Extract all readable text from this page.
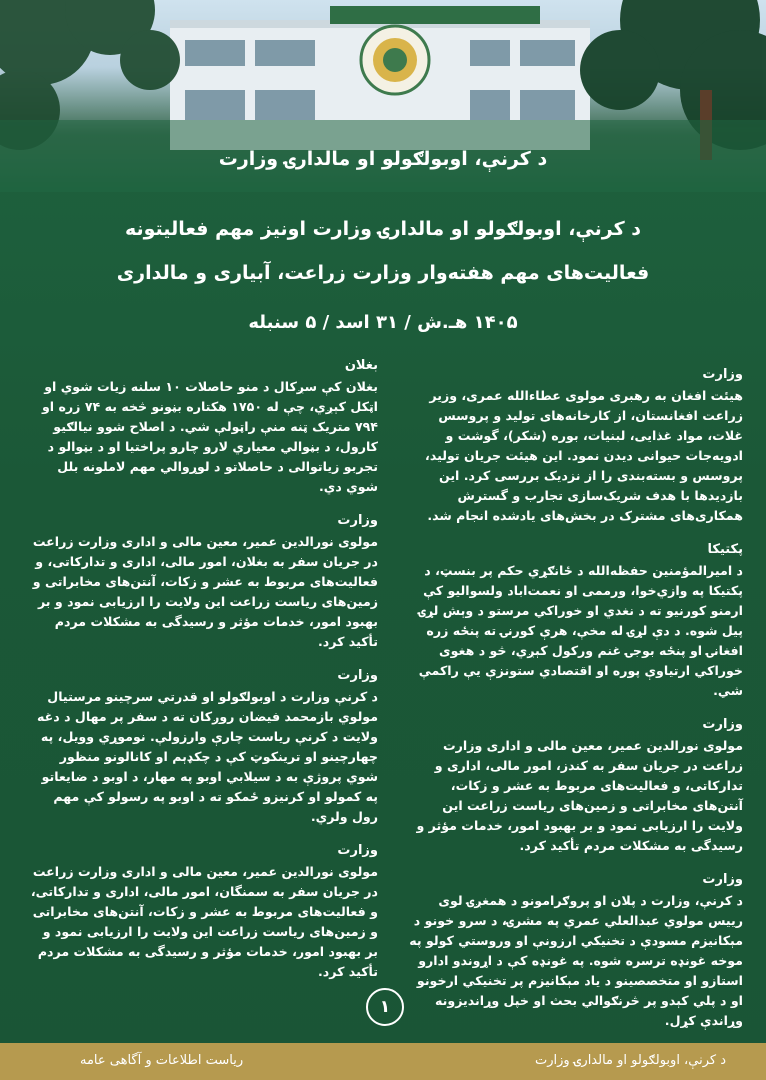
د کرنې، اوبولګولو او مالدارۍ وزارت
د کرنې، اوبولګولو او مالدارۍ وزارت اونیز مهم فعالیتونه
فعالیت‌های مهم هفته‌وار وزارت زراعت، آبیاری و مالداری
۱۴۰۵ هـ.ش / ۳۱ اسد / ۵ سنبله
وزارت

هیئت افغان به رهبری مولوی عطاءالله عمری، وزیر زراعت افغانستان، از کارخانه‌های تولید و پروسس غلات، مواد غذایی، لبنیات، بوره (شکر)، گوشت و ادویه‌جات حیوانی دیدن نمود. این هیئت جریان تولید، پروسس و بسته‌بندی را از نزدیک بررسی کرد. این بازدیدها با هدف شریک‌سازی تجارب و گسترش همکاری‌های مشترک در بخش‌های یادشده انجام شد.

پکتیکا

د امیرالمؤمنین حفظه‌الله د ځانګړي حکم پر بنسټ، د پکتیکا په وازي‌خوا، ورممی او نعمت‌اباد ولسوالیو کې ارمنو کورنیو ته د نغدي او خوراکي مرستو د وېش لړۍ پیل شوه. د دې لړۍ له مخې، هرې کورنۍ ته پنځه زره افغانۍ او پنځه بوجۍ غنم ورکول کېږي، څو د هغوی خوراکي ارتیاوې پوره او اقتصادي ستونزې یې راکمې شي.

وزارت

مولوی نورالدین عمیر، معین مالی و اداری وزارت زراعت در جریان سفر به کندز، امور مالی، اداری و تدارکاتی، و فعالیت‌های مربوط به عشر و زکات، آنتن‌های مخابراتی و زمین‌های ریاست زراعت این ولایت را ارزیابی نمود و بر بهبود امور، خدمات مؤثر و رسیدگی به مشکلات مردم تأکید کرد.

وزارت

د کرنې، وزارت د پلان او پروګرامونو د همغږۍ لوی رییس مولوي عبدالعلي عمري په مشرۍ، د سرو خونو د مېکانیزم مسودې د تخنیکي ارزونې او وروستي کولو په موخه غونډه ترسره شوه. په غونډه کې د اړوندو ادارو استازو او متخصصینو د یاد مېکانیزم پر تخنیکي ارخونو او د پلي کېدو پر څرنګوالي بحث او خپل وړاندیزونه وړاندې کړل.

بغلان

بغلان کې سږکال د منو حاصلات ۱۰ سلنه زیات شوي او اټکل کېږي، چې له ۱۷۵۰ هکتاره بڼونو څخه به ۷۴ زره او ۷۹۴ متریک ټنه منې راټولې شي. د اصلاح شوو نیالګیو کارول، د بڼوالي معیاري لارو چارو پراختیا او د بڼوالو د تجربو زیاتوالی د حاصلاتو د لوړوالي مهم لاملونه بلل شوي دي.

وزارت

مولوی نورالدین عمیر، معین مالی و اداری وزارت زراعت در جریان سفر به بغلان، امور مالی، اداری و تدارکاتی، و فعالیت‌های مربوط به عشر و زکات، آنتن‌های مخابراتی و زمین‌های ریاست زراعت این ولایت را ارزیابی نمود و بر بهبود امور، خدمات مؤثر و رسیدگی به مشکلات مردم تأکید کرد.

وزارت

د کرنې وزارت د اوبولګولو او قدرتي سرچینو مرستیال مولوي بازمحمد فیضان روږکان ته د سفر پر مهال د دغه ولایت د کرنې ریاست چارې وارزولې. نوموړي وویل، په چهارچینو او ترینکوټ کې د چکډېم او کانالونو منظور شوي پروژې به د سیلابي اوبو په مهار، د اوبو د ضایعاتو په کمولو او کرنیزو ځمکو ته د اوبو په رسولو کې مهم رول ولري.

وزارت

مولوی نورالدین عمیر، معین مالی و اداری وزارت زراعت در جریان سفر به سمنگان، امور مالی، اداری و تدارکاتی، و فعالیت‌های مربوط به عشر و زکات، آنتن‌های مخابراتی و زمین‌های ریاست زراعت این ولایت را ارزیابی نمود و بر بهبود امور، خدمات مؤثر و رسیدگی به مشکلات مردم تأکید کرد.

۱
د کرنې، اوبولګولو او مالدارۍ وزارت
ریاست اطلاعات و آگاهی عامه
